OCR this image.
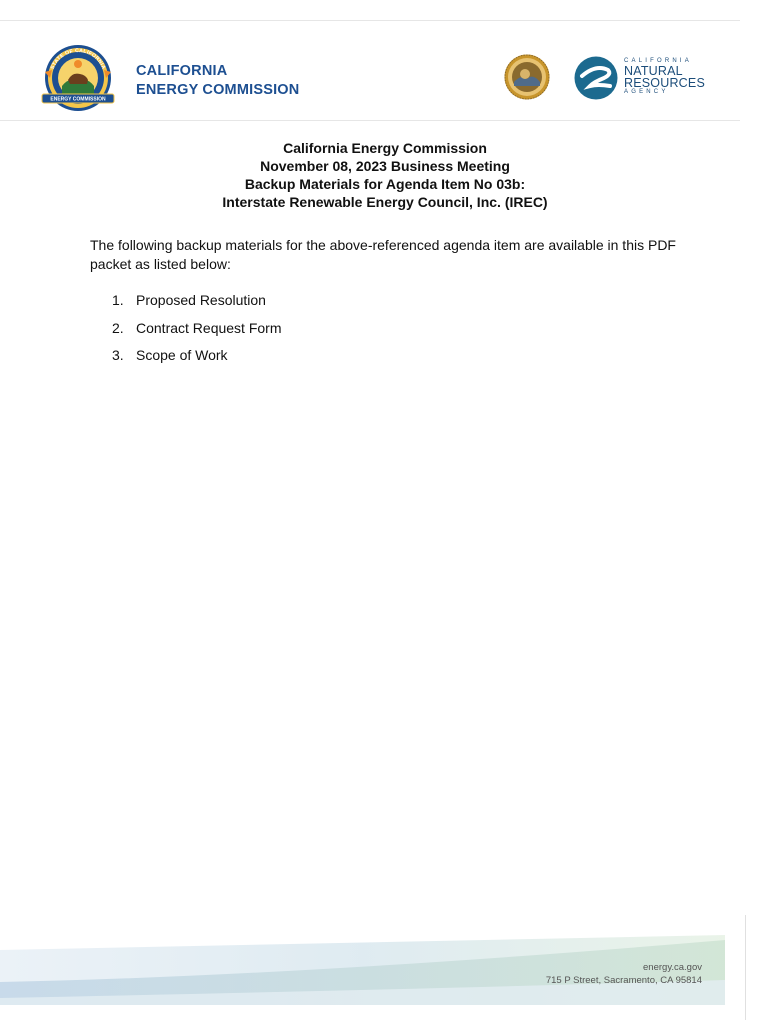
STATE OF CALIFORNIA
ENERGY COMMISSION
CALIFORNIA
ENERGY COMMISSION
CALIFORNIA
NATURAL
RESOURCES
AGENCY
California Energy Commission
November 08, 2023 Business Meeting
Backup Materials for Agenda Item No 03b:
Interstate Renewable Energy Council, Inc. (IREC)
The following backup materials for the above-referenced agenda item are available in this PDF packet as listed below:
1. Proposed Resolution
2. Contract Request Form
3. Scope of Work
energy.ca.gov
715 P Street, Sacramento, CA 95814
